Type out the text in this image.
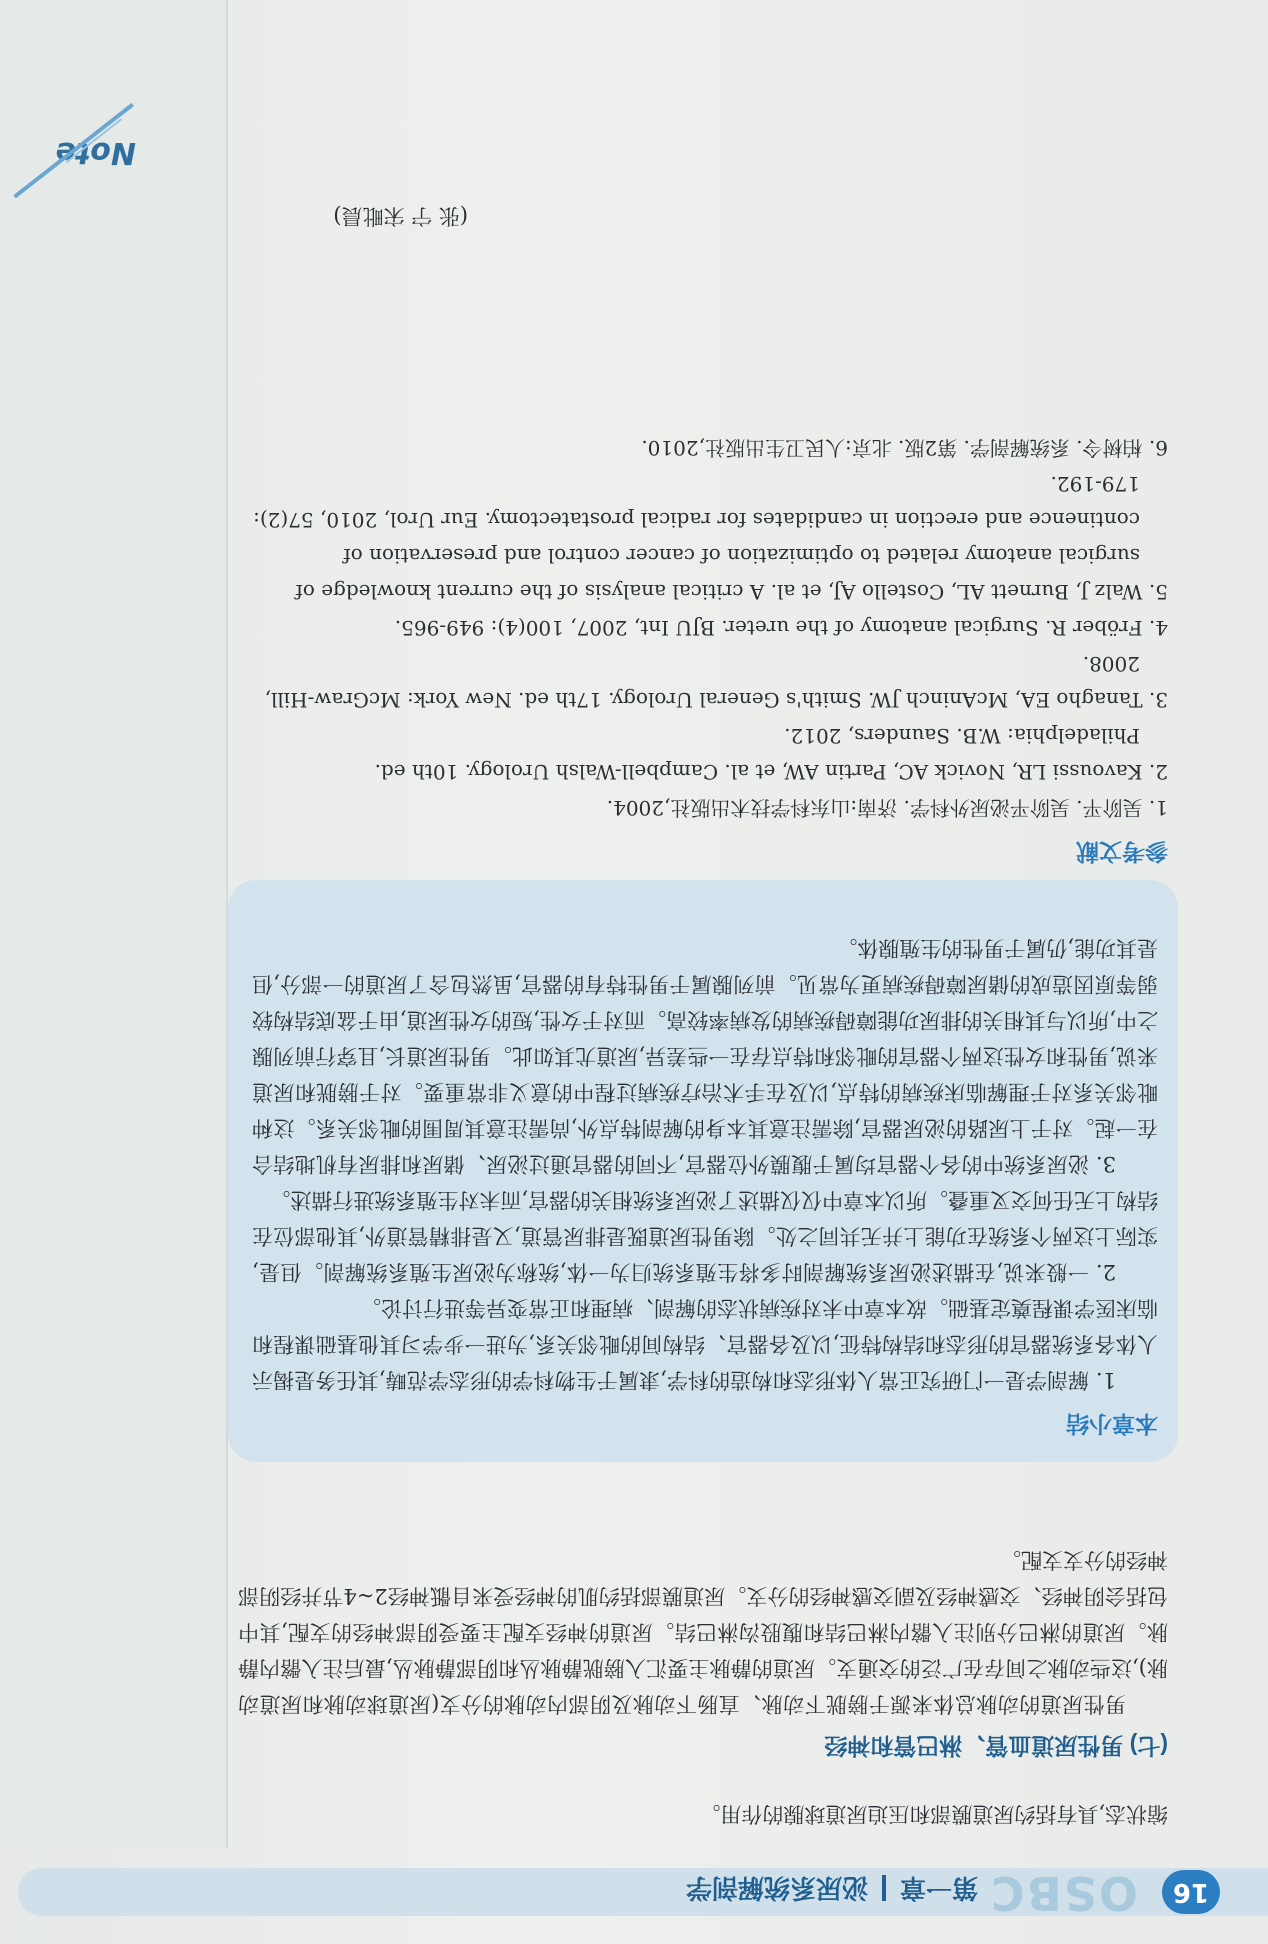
16
OSBC
第一章泌尿系统解剖学

缩状态,具有括约尿道膜部和压迫尿道球腺的作用。

(七) 男性尿道血管、淋巴管和神经

男性尿道的动脉总体来源于膀胱下动脉、直肠下动脉及阴部内动脉的分支(尿道球动脉和尿道动脉),这些动脉之间存在广泛的交通支。尿道的静脉主要汇入膀胱静脉丛和阴部静脉丛,最后注入髂内静脉。尿道的淋巴分别注入髂内淋巴结和腹股沟淋巴结。尿道的神经支配主要受阴部神经的支配,其中包括会阴神经、交感神经及副交感神经的分支。尿道膜部括约肌的神经受来自骶神经2~4节并经阴部神经的分支支配。

本章小结

1. 解剖学是一门研究正常人体形态和构造的科学,隶属于生物科学的形态学范畴,其任务是揭示人体各系统器官的形态和结构特征,以及各器官、结构间的毗邻关系,为进一步学习其他基础课程和临床医学课程奠定基础。故本章中未对疾病状态的解剖、病理和正常变异等进行讨论。

2. 一般来说,在描述泌尿系统解剖时多将生殖系统归为一体,统称为泌尿生殖系统解剖。但是,实际上这两个系统在功能上并无共同之处。除男性尿道既是排尿管道,又是排精管道外,其他部位在结构上无任何交叉重叠。所以本章中仅仅描述了泌尿系统相关的器官,而未对生殖系统进行描述。

3. 泌尿系统中的各个器官均属于腹膜外位器官,不同的器官通过泌尿、储尿和排尿有机地结合在一起。对于上尿路的泌尿器官,除需注意其本身的解剖特点外,尚需注意其周围的毗邻关系。这种毗邻关系对于理解临床疾病的特点,以及在手术治疗疾病过程中的意义非常重要。对于膀胱和尿道来说,男性和女性这两个器官的毗邻和特点存在一些差异,尿道尤其如此。男性尿道长,且穿行前列腺之中,所以与其相关的排尿功能障碍疾病的发病率较高。而对于女性,短的女性尿道,由于盆底结构较弱等原因造成的储尿障碍疾病更为常见。前列腺属于男性特有的器官,虽然包含了尿道的一部分,但是其功能,仍属于男性的生殖腺体。

参考文献
1. 吴阶平. 吴阶平泌尿外科学. 济南:山东科学技术出版社,2004.
2. Kavoussi LR, Novick AC, Partin AW, et al. Campbell-Walsh Urology. 10th ed. Philadelphia: W.B. Saunders, 2012.
3. Tanagho EA, McAninch JW. Smith's General Urology. 17th ed. New York: McGraw-Hill, 2008.
4. Fröber R. Surgical anatomy of the ureter. BJU Int, 2007, 100(4): 949-965.
5. Walz J, Burnett AL, Costello AJ, et al. A critical analysis of the current knowledge of surgical anatomy related to optimization of cancer control and preservation of continence and erection in candidates for radical prostatectomy. Eur Urol, 2010, 57(2): 179-192.
6. 柏树令. 系统解剖学. 第2版. 北京:人民卫生出版社,2010.
(张 宁 宋毗晨)
Note
